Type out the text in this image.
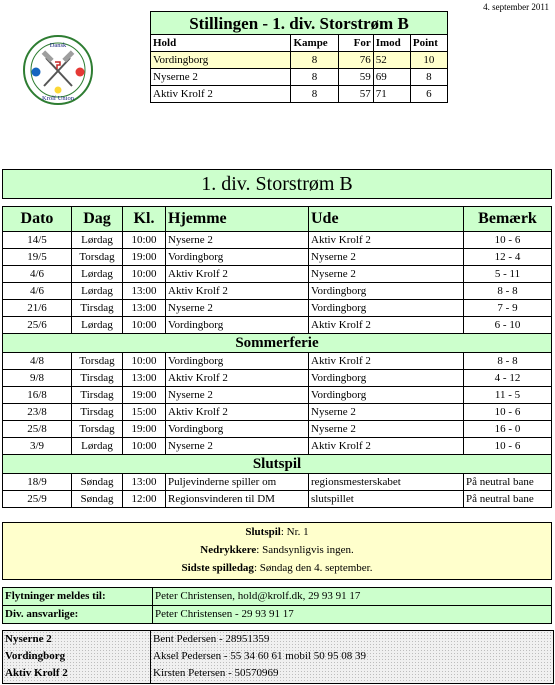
4. september 2011
Dansk
Krolf Union
Stillingen - 1. div. Storstrøm B				
Hold	Kampe	For	Imod	Point
Vordingborg	8	76	52	10
Nyserne 2	8	59	69	8
Aktiv Krolf 2	8	57	71	6
1. div. Storstrøm B
Dato	Dag	Kl.	Hjemme	Ude	Bemærk
14/5	Lørdag	10:00	Nyserne 2	Aktiv Krolf 2	10 - 6
19/5	Torsdag	19:00	Vordingborg	Nyserne 2	12 - 4
4/6	Lørdag	10:00	Aktiv Krolf 2	Nyserne 2	5 - 11
4/6	Lørdag	13:00	Aktiv Krolf 2	Vordingborg	8 - 8
21/6	Tirsdag	13:00	Nyserne 2	Vordingborg	7 - 9
25/6	Lørdag	10:00	Vordingborg	Aktiv Krolf 2	6 - 10
Sommerferie					
4/8	Torsdag	10:00	Vordingborg	Aktiv Krolf 2	8 - 8
9/8	Tirsdag	13:00	Aktiv Krolf 2	Vordingborg	4 - 12
16/8	Tirsdag	19:00	Nyserne 2	Vordingborg	11 - 5
23/8	Tirsdag	15:00	Aktiv Krolf 2	Nyserne 2	10 - 6
25/8	Torsdag	19:00	Vordingborg	Nyserne 2	16 - 0
3/9	Lørdag	10:00	Nyserne 2	Aktiv Krolf 2	10 - 6
Slutspil					
18/9	Søndag	13:00	Puljevinderne spiller om	regionsmesterskabet	På neutral bane
25/9	Søndag	12:00	Regionsvinderen til DM	slutspillet	På neutral bane
Slutspil: Nr. 1
Nedrykkere: Sandsynligvis ingen.
Sidste spilledag: Søndag den 4. september.
Flytninger meldes til:	Peter Christensen, hold@krolf.dk, 29 93 91 17
Div. ansvarlige:	Peter Christensen - 29 93 91 17
Nyserne 2	Bent Pedersen - 28951359
Vordingborg	Aksel Pedersen - 55 34 60 61 mobil 50 95 08 39
Aktiv Krolf 2	Kirsten Petersen - 50570969
